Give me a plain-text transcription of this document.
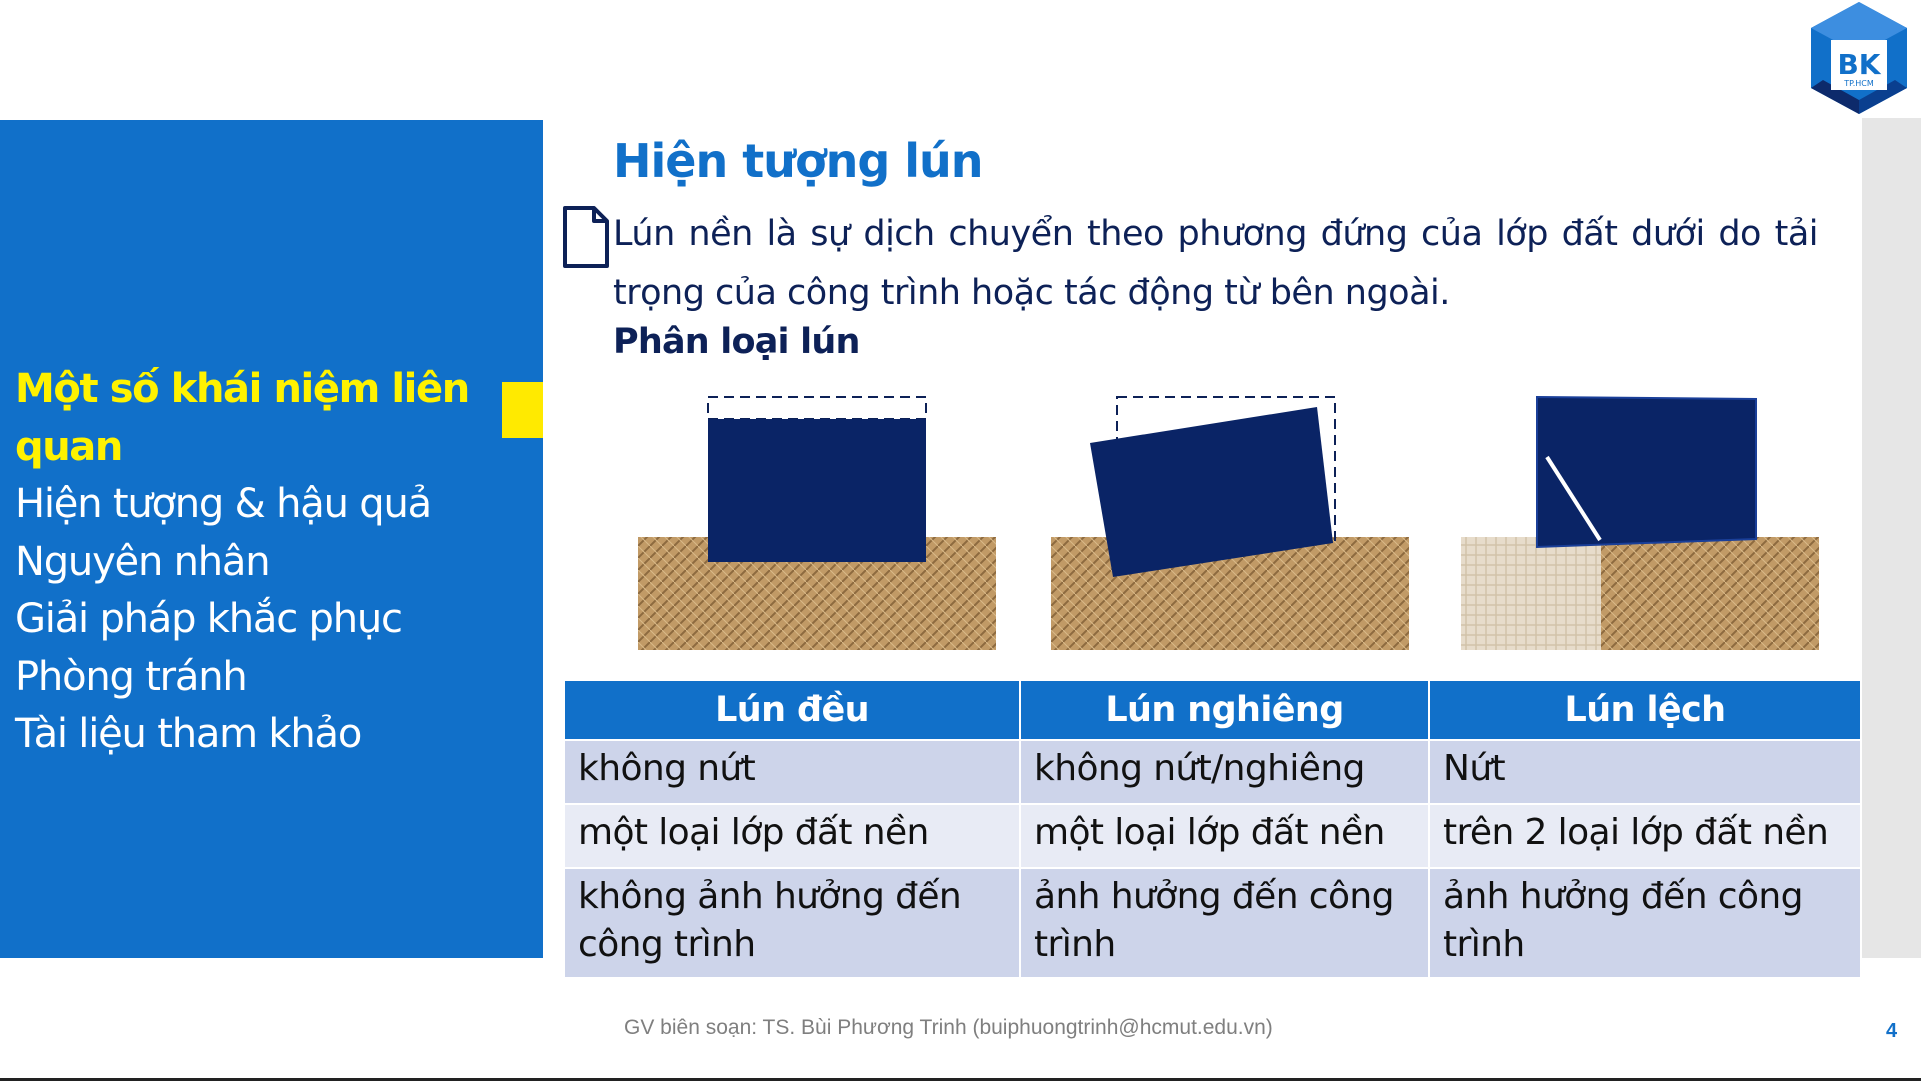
BK
TP.HCM

Một số khái niệm liên quan

Hiện tượng & hậu quả

Nguyên nhân

Giải pháp khắc phục

Phòng tránh

Tài liệu tham khảo

Hiện tượng lún

Lún nền là sự dịch chuyển theo phương đứng của lớp đất dưới do tải trọng của công trình hoặc tác động từ bên ngoài.

Phân loại lún

Lún đều	Lún nghiêng	Lún lệch
không nứt	không nứt/nghiêng	Nứt
một loại lớp đất nền	một loại lớp đất nền	trên 2 loại lớp đất nền
không ảnh hưởng đến công trình	ảnh hưởng đến công trình	ảnh hưởng đến công trình

GV biên soạn: TS. Bùi Phương Trinh (buiphuongtrinh@hcmut.edu.vn)	4
